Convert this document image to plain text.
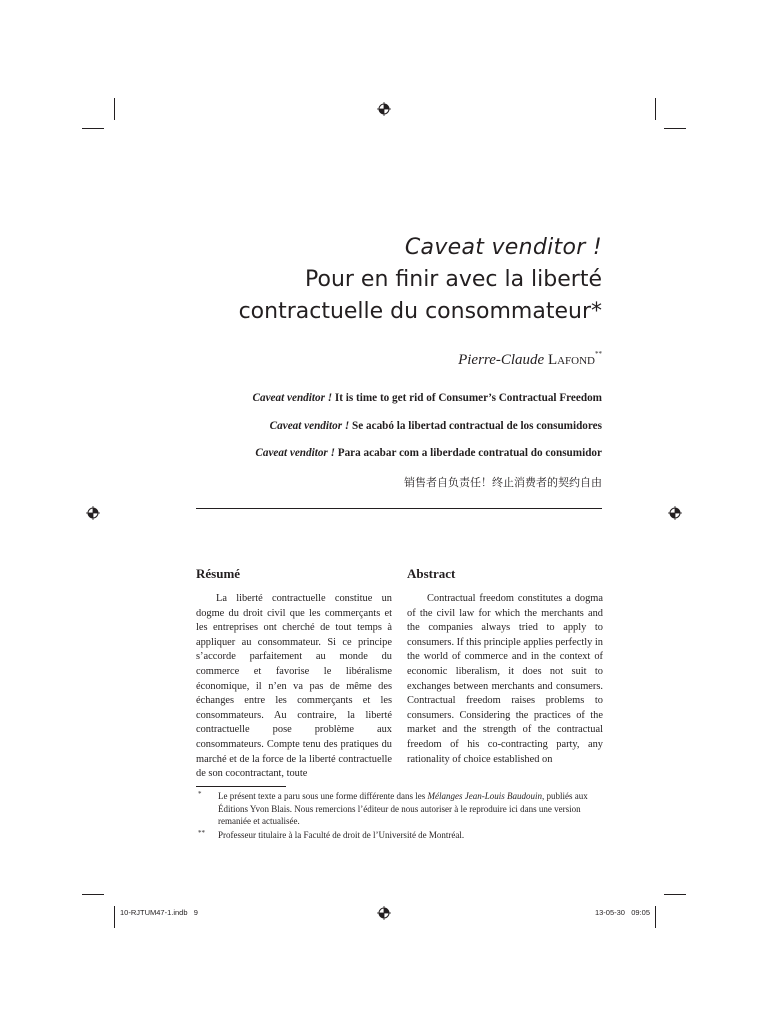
Caveat venditor !
Pour en finir avec la liberté
contractuelle du consommateur*
Pierre-Claude Lafond**
Caveat venditor ! It is time to get rid of Consumer’s Contractual Freedom
Caveat venditor ! Se acabó la libertad contractual de los consumidores
Caveat venditor ! Para acabar com a liberdade contratual do consumidor
销售者自负责任！终止消费者的契约自由
Résumé

La liberté contractuelle constitue un dogme du droit civil que les commerçants et les entreprises ont cherché de tout temps à appliquer au consommateur. Si ce principe s’accorde parfaitement au monde du commerce et favorise le libéralisme économique, il n’en va pas de même des échanges entre les commerçants et les consommateurs. Au contraire, la liberté contractuelle pose problème aux consommateurs. Compte tenu des pratiques du marché et de la force de la liberté contractuelle de son cocontractant, toute

Abstract

Contractual freedom constitutes a dogma of the civil law for which the merchants and the companies always tried to apply to consumers. If this principle applies perfectly in the world of commerce and in the context of economic liberalism, it does not suit to exchanges between merchants and consumers. Contractual freedom raises problems to consumers. Considering the practices of the market and the strength of the contractual freedom of his co-contracting party, any rationality of choice established on

* Le présent texte a paru sous une forme différente dans les Mélanges Jean-Louis Baudouin, publiés aux Éditions Yvon Blais. Nous remercions l’éditeur de nous autoriser à le reproduire ici dans une version remaniée et actualisée.
** Professeur titulaire à la Faculté de droit de l’Université de Montréal.
10-RJTUM47-1.indb   9	13-05-30   09:05
